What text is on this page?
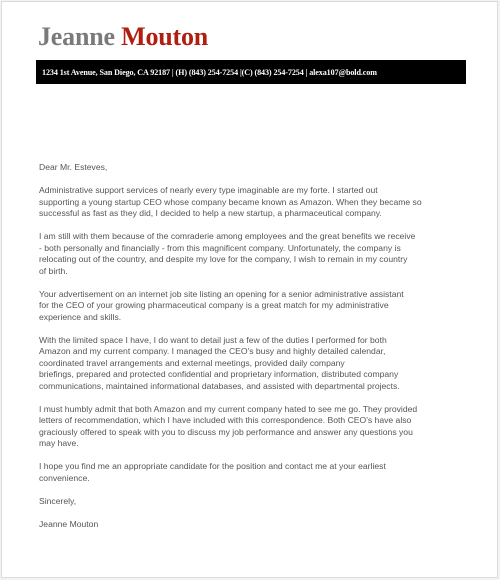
Jeanne Mouton
1234 1st Avenue, San Diego, CA 92187 | (H) (843) 254-7254 |(C) (843) 254-7254 | alexa107@bold.com

Dear Mr. Esteves,

Administrative support services of nearly every type imaginable are my forte. I started out
supporting a young startup CEO whose company became known as Amazon. When they became so
successful as fast as they did, I decided to help a new startup, a pharmaceutical company.

I am still with them because of the comraderie among employees and the great benefits we receive
- both personally and financially - from this magnificent company. Unfortunately, the company is
relocating out of the country, and despite my love for the company, I wish to remain in my country
of birth.

Your advertisement on an internet job site listing an opening for a senior administrative assistant
for the CEO of your growing pharmaceutical company is a great match for my administrative
experience and skills.

With the limited space I have, I do want to detail just a few of the duties I performed for both
Amazon and my current company. I managed the CEO's busy and highly detailed calendar,
coordinated travel arrangements and external meetings, provided daily company
briefings, prepared and protected confidential and proprietary information, distributed company
communications, maintained informational databases, and assisted with departmental projects.

I must humbly admit that both Amazon and my current company hated to see me go. They provided
letters of recommendation, which I have included with this correspondence. Both CEO's have also
graciously offered to speak with you to discuss my job performance and answer any questions you
may have.

I hope you find me an appropriate candidate for the position and contact me at your earliest
convenience.

Sincerely,

Jeanne Mouton
